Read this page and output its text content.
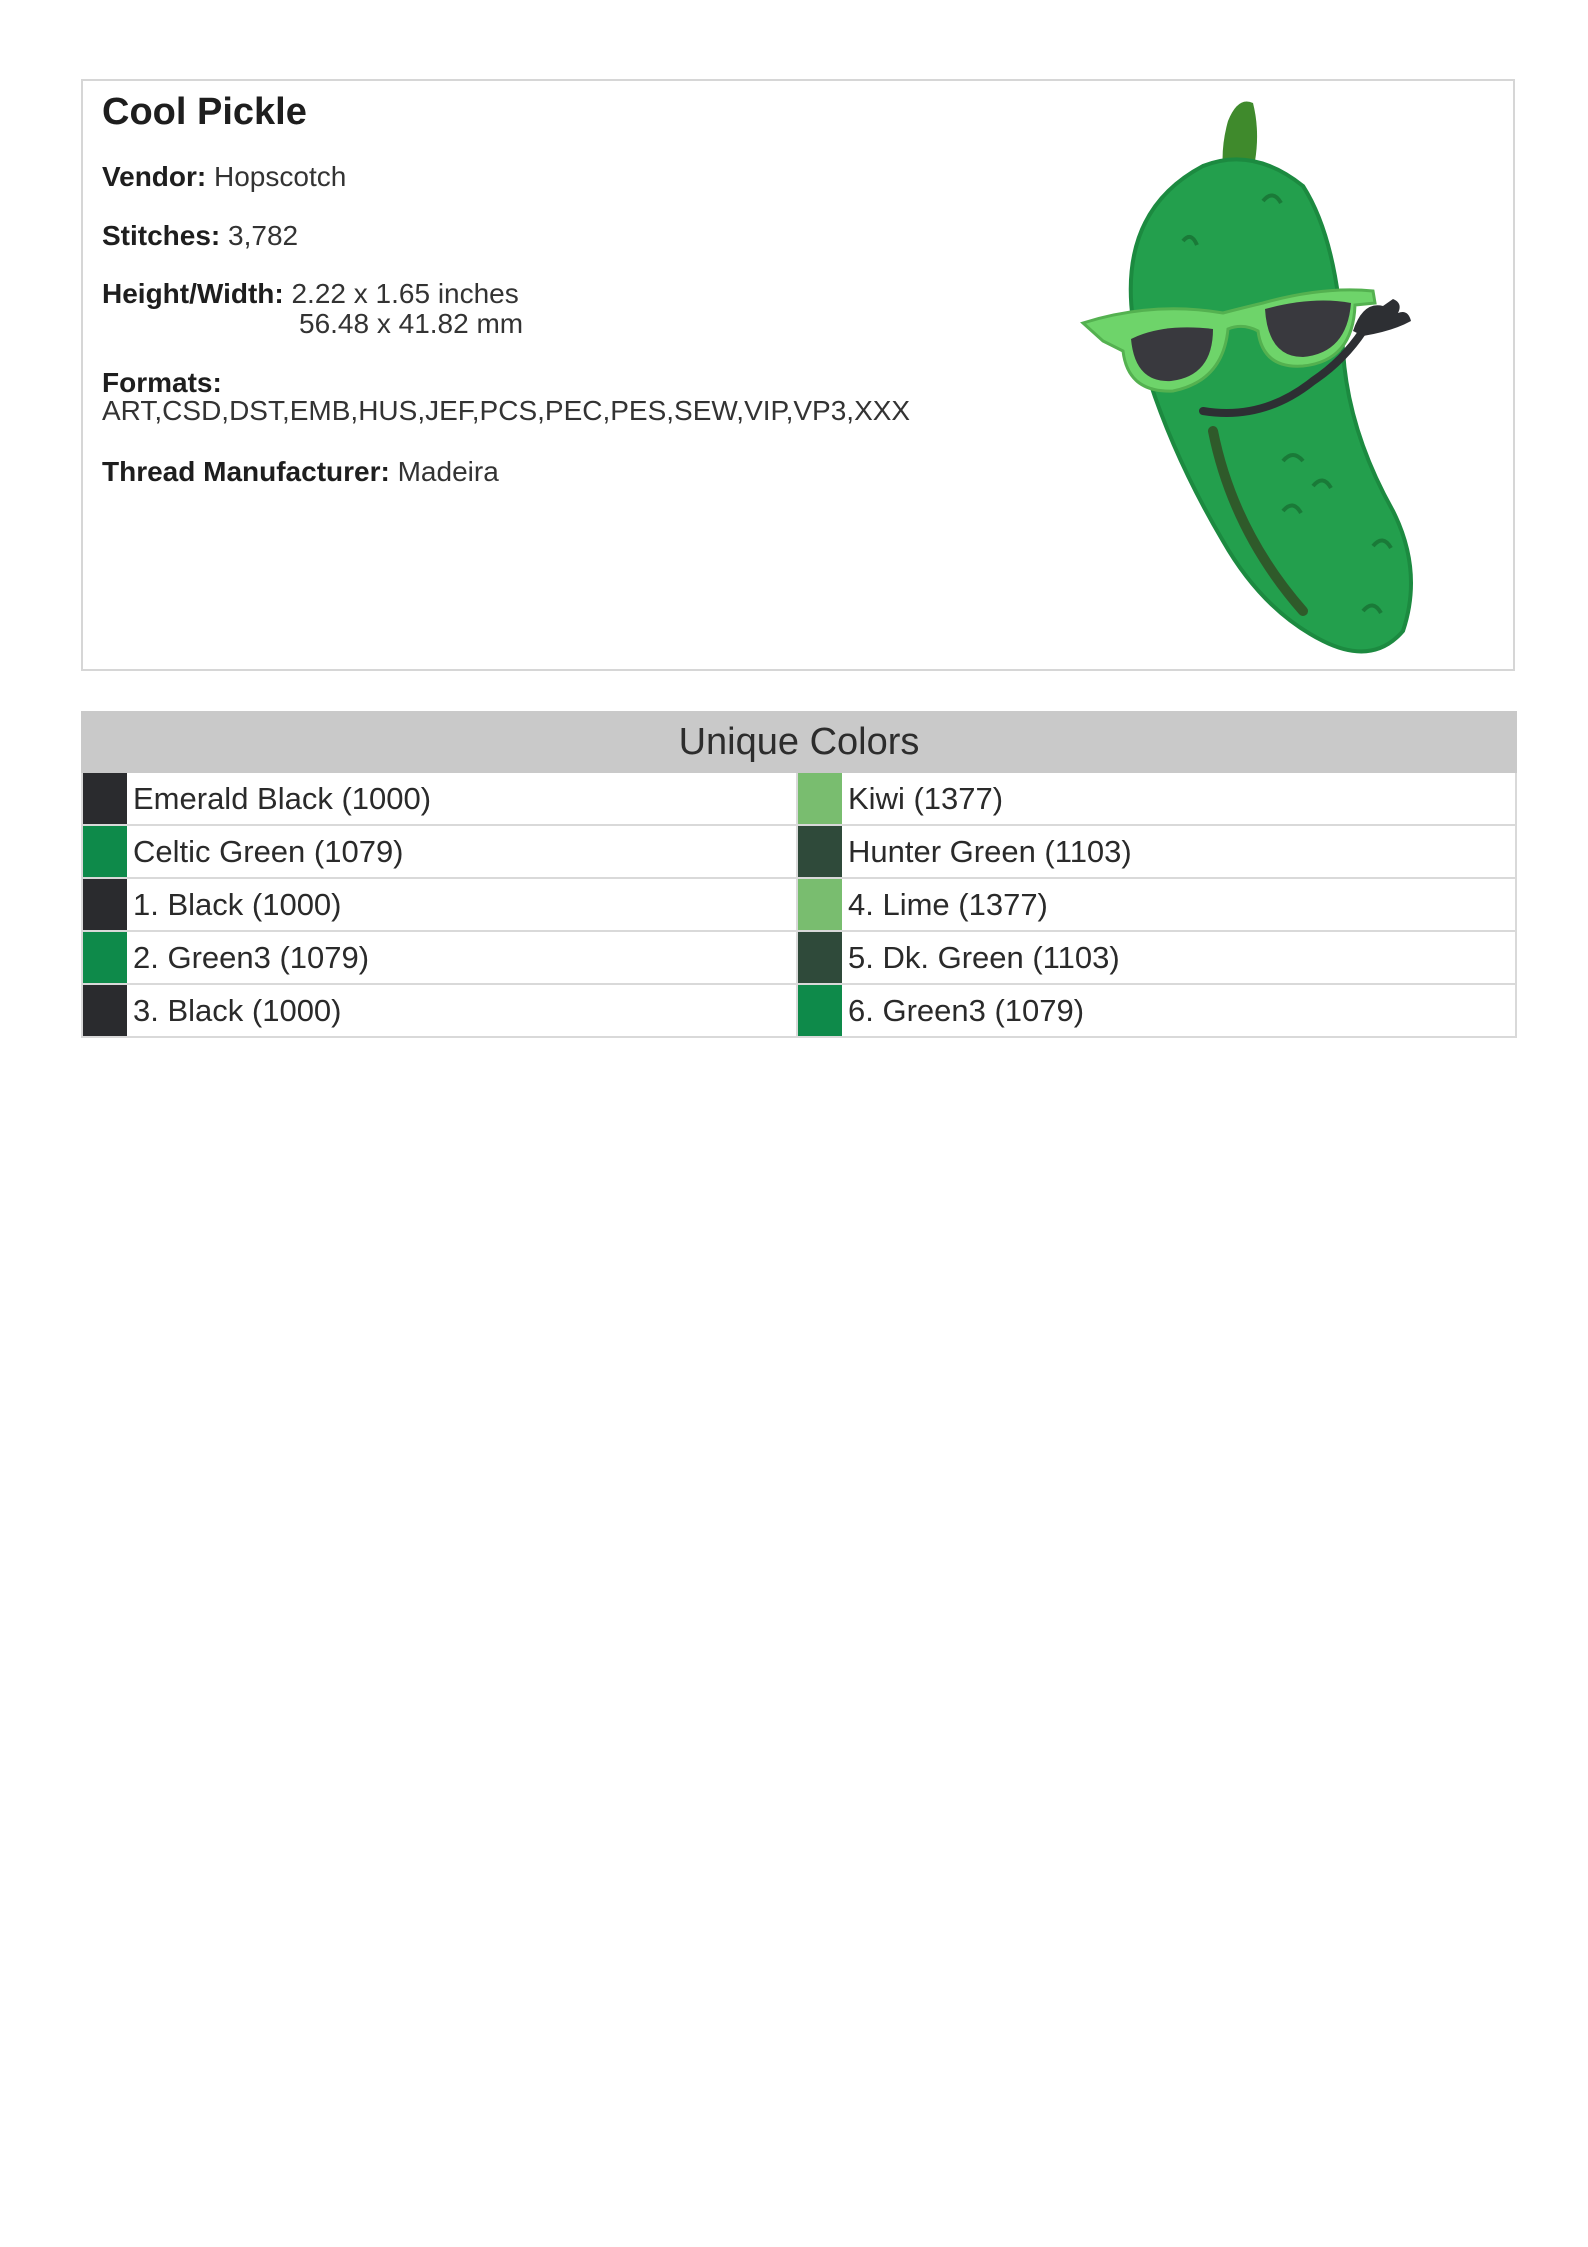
Cool Pickle
Vendor: Hopscotch
Stitches: 3,782
Height/Width: 2.22 x 1.65 inches
56.48 x 41.82 mm
Formats:
ART,CSD,DST,EMB,HUS,JEF,PCS,PEC,PES,SEW,VIP,VP3,XXX
Thread Manufacturer: Madeira
Unique Colors
Emerald Black (1000)	Kiwi (1377)
Celtic Green (1079)	Hunter Green (1103)
1. Black (1000)	4. Lime (1377)
2. Green3 (1079)	5. Dk. Green (1103)
3. Black (1000)	6. Green3 (1079)
